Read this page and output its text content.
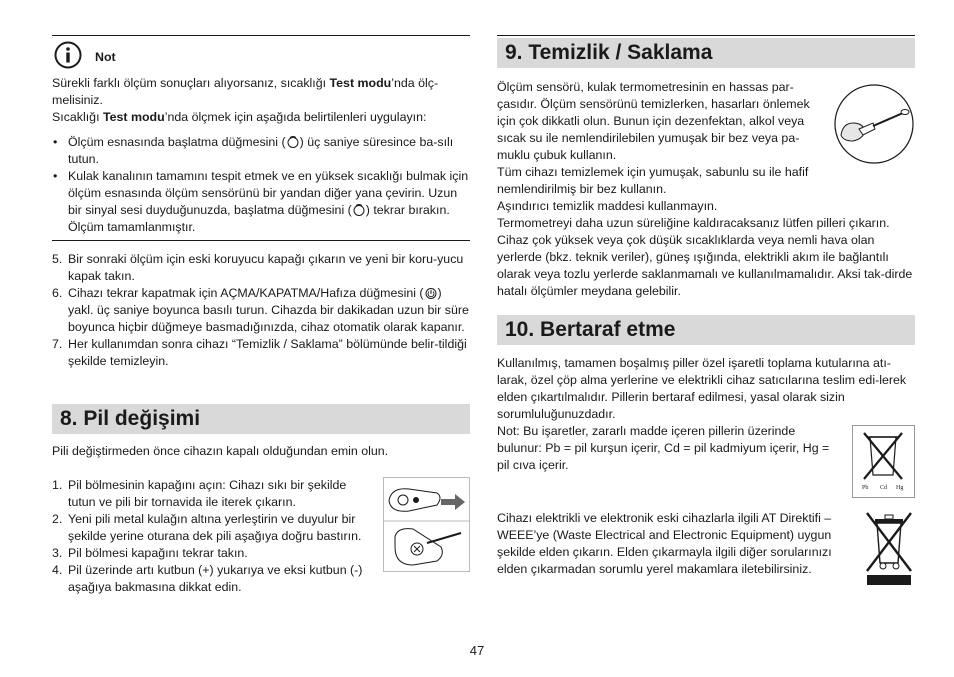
Not

Sürekli farklı ölçüm sonuçları alıyorsanız, sıcaklığı Test modu’nda ölç-melisiniz.

Sıcaklığı Test modu’nda ölçmek için aşağıda belirtilenleri uygulayın:

• Ölçüm esnasında başlatma düğmesini ( ) üç saniye süresince ba-sılı tutun.
• Kulak kanalının tamamını tespit etmek ve en yüksek sıcaklığı bulmak için ölçüm esnasında ölçüm sensörünü bir yandan diğer yana çevirin. Uzun bir sinyal sesi duyduğunuzda, başlatma düğmesini ( ) tekrar bırakın. Ölçüm tamamlanmıştır.
5. Bir sonraki ölçüm için eski koruyucu kapağı çıkarın ve yeni bir koru-yucu kapak takın.
6. Cihazı tekrar kapatmak için AÇMA/KAPATMA/Hafıza düğmesini ( ) yakl. üç saniye boyunca basılı turun. Cihazda bir dakikadan uzun bir süre boyunca hiçbir düğmeye basmadığınızda, cihaz otomatik olarak kapanır.
7. Her kullanımdan sonra cihazı “Temizlik / Saklama” bölümünde belir-tildiği şekilde temizleyin.
8. Pil değişimi
Pili değiştirmeden önce cihazın kapalı olduğundan emin olun.
1. Pil bölmesinin kapağını açın: Cihazı sıkı bir şekilde tutun ve pili bir tornavida ile iterek çıkarın.
2. Yeni pili metal kulağın altına yerleştirin ve duyulur bir şekilde yerine oturana dek pili aşağıya doğru bastırın.
3. Pil bölmesi kapağını tekrar takın.
4. Pil üzerinde artı kutbun (+) yukarıya ve eksi kutbun (-) aşağıya bakmasına dikkat edin.
9. Temizlik / Saklama
Ölçüm sensörü, kulak termometresinin en hassas par-çasıdır. Ölçüm sensörünü temizlerken, hasarları önlemek için çok dikkatli olun. Bunun için dezenfektan, alkol veya sıcak su ile nemlendirilebilen yumuşak bir bez veya pa-muklu çubuk kullanın.
Tüm cihazı temizlemek için yumuşak, sabunlu su ile hafif nemlendirilmiş bir bez kullanın.
Aşındırıcı temizlik maddesi kullanmayın.
Termometreyi daha uzun süreliğine kaldıracaksanız lütfen pilleri çıkarın. Cihaz çok yüksek veya çok düşük sıcaklıklarda veya nemli hava olan yerlerde (bkz. teknik veriler), güneş ışığında, elektrikli akım ile bağlantılı olarak veya tozlu yerlerde saklanmamalı ve kullanılmamalıdır. Aksi tak-dirde hatalı ölçümler meydana gelebilir.
10. Bertaraf etme
Kullanılmış, tamamen boşalmış piller özel işaretli toplama kutularına atı-larak, özel çöp alma yerlerine ve elektrikli cihaz satıcılarına teslim edi-lerek elden çıkartılmalıdır. Pillerin bertaraf edilmesi, yasal olarak sizin sorumluluğunuzdadır.
Not: Bu işaretler, zararlı madde içeren pillerin üzerinde bulunur: Pb = pil kurşun içerir, Cd = pil kadmiyum içerir, Hg = pil cıva içerir.
Pb Cd Hg
Cihazı elektrikli ve elektronik eski cihazlarla ilgili AT Direktifi – WEEE’ye (Waste Electrical and Electronic Equipment) uygun şekilde elden çıkarın. Elden çıkarmayla ilgili diğer sorularınızı elden çıkarmadan sorumlu yerel makamlara iletebilirsiniz.
47
